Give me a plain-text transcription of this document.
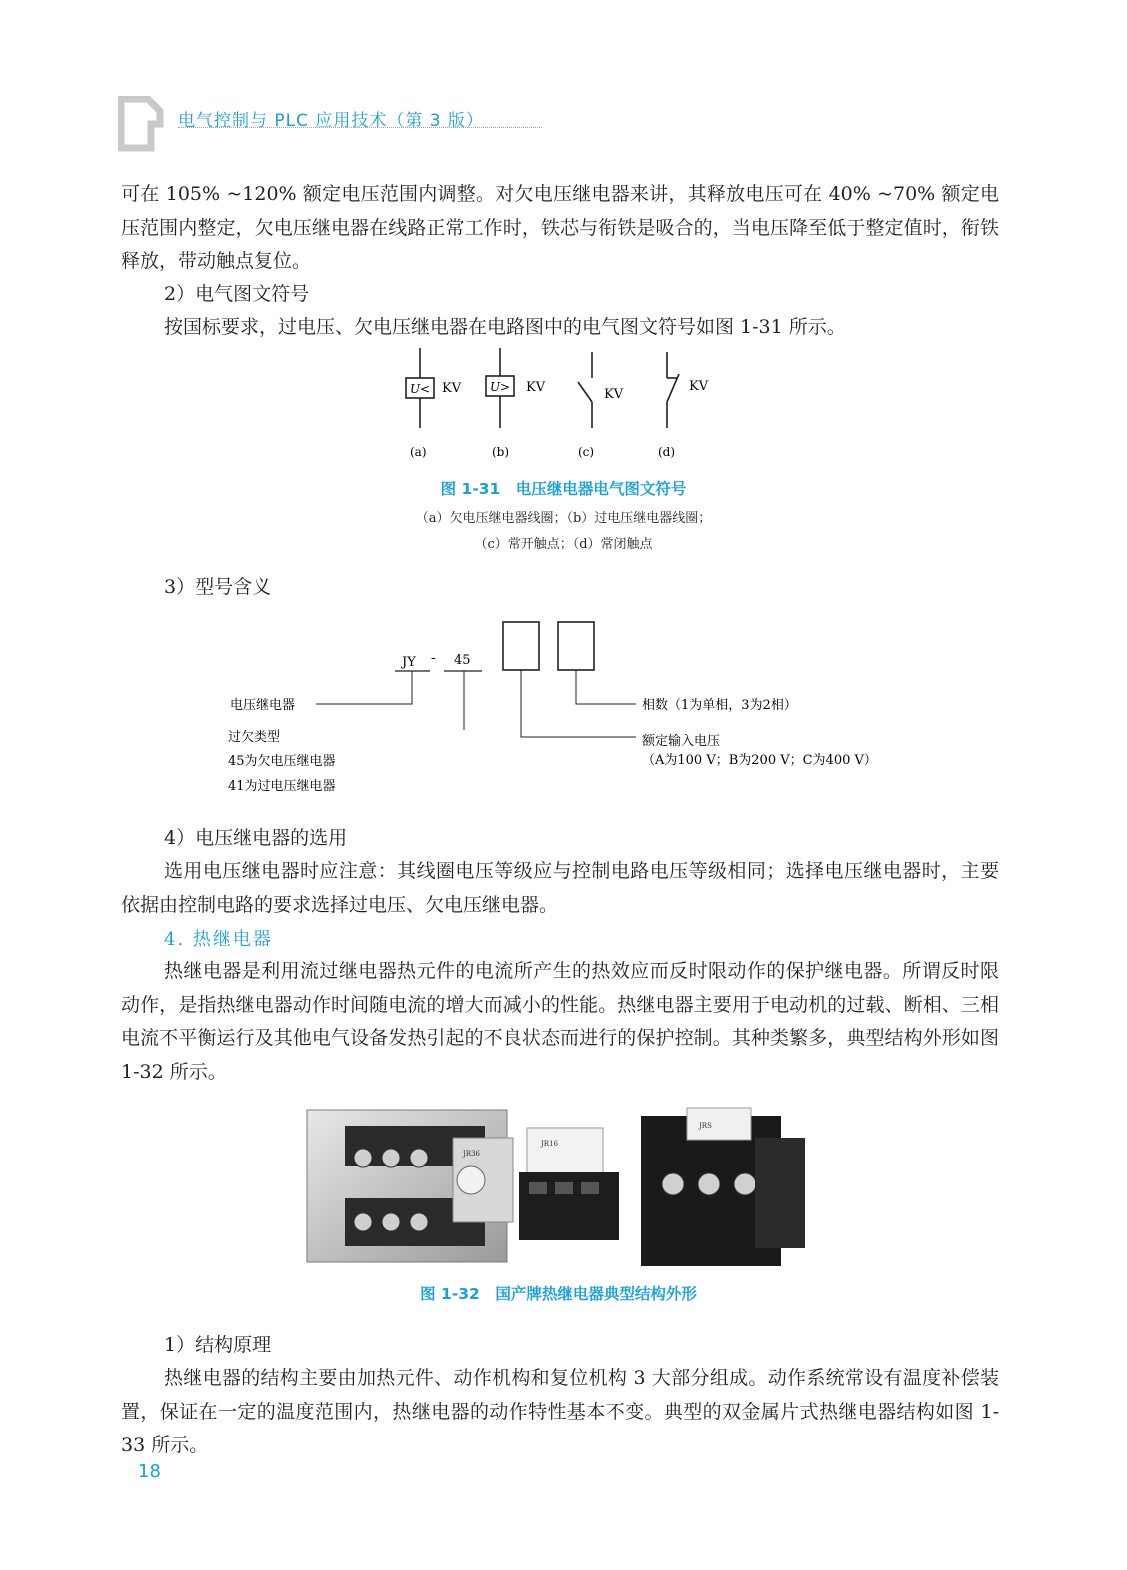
电气控制与 PLC 应用技术（第 3 版）
可在 105% ~120% 额定电压范围内调整。对欠电压继电器来讲，其释放电压可在 40% ~70% 额定电压范围内整定，欠电压继电器在线路正常工作时，铁芯与衔铁是吸合的，当电压降至低于整定值时，衔铁释放，带动触点复位。
2）电气图文符号
按国标要求，过电压、欠电压继电器在电路图中的电气图文符号如图 1-31 所示。
U < KV
(a)
U > KV
(b)
KV
(c)
KV
(d)
图 1-31　电压继电器电气图文符号
（a）欠电压继电器线圈；（b）过电压继电器线圈；
（c）常开触点；（d）常闭触点
3）型号含义
JY - 45
电压继电器
过欠类型
45为欠电压继电器
41为过电压继电器
相数（1为单相，3为2相）
额定输入电压
（A为100 V；B为200 V；C为400 V）
4）电压继电器的选用
选用电压继电器时应注意：其线圈电压等级应与控制电路电压等级相同；选择电压继电器时，主要依据由控制电路的要求选择过电压、欠电压继电器。
4. 热继电器
热继电器是利用流过继电器热元件的电流所产生的热效应而反时限动作的保护继电器。所谓反时限动作，是指热继电器动作时间随电流的增大而减小的性能。热继电器主要用于电动机的过载、断相、三相电流不平衡运行及其他电气设备发热引起的不良状态而进行的保护控制。其种类繁多，典型结构外形如图 1-32 所示。
JR36
JR16
JRS
图 1-32　国产牌热继电器典型结构外形
1）结构原理
热继电器的结构主要由加热元件、动作机构和复位机构 3 大部分组成。动作系统常设有温度补偿装置，保证在一定的温度范围内，热继电器的动作特性基本不变。典型的双金属片式热继电器结构如图 1-33 所示。
18
